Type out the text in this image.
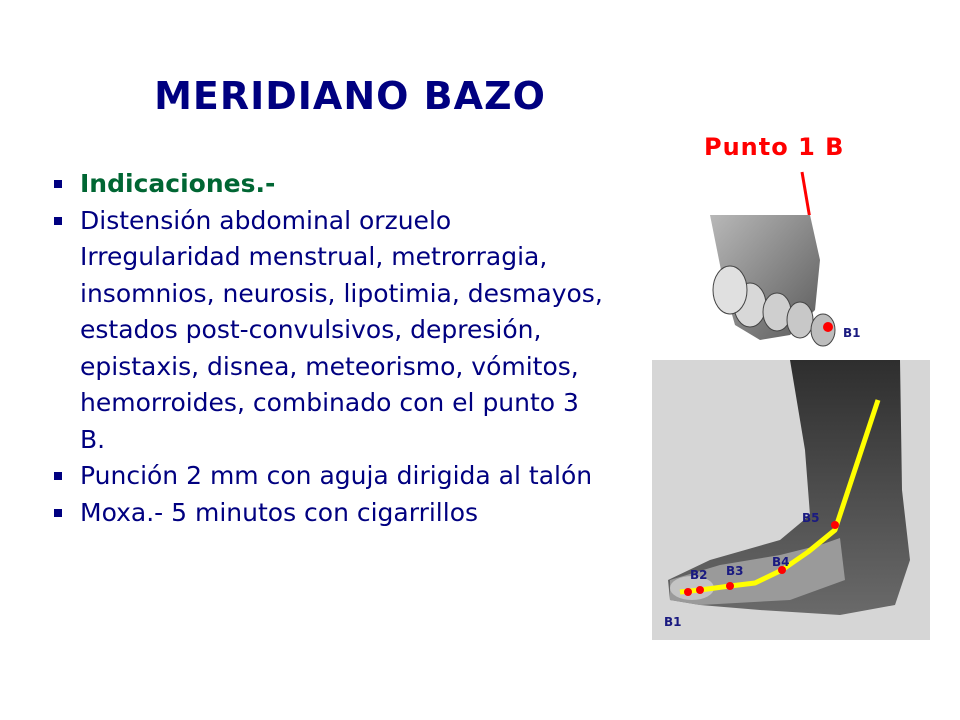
MERIDIANO BAZO
Indicaciones.-
Distensión abdominal orzuelo Irregularidad menstrual, metrorragia, insomnios, neurosis, lipotimia, desmayos, estados post-convulsivos, depresión, epistaxis, disnea, meteorismo, vómitos, hemorroides, combinado con el punto 3 B.
Punción 2 mm con aguja dirigida al talón
Moxa.- 5 minutos con cigarrillos
Punto 1 B
B1
B2 B3
B4
B5
B1
